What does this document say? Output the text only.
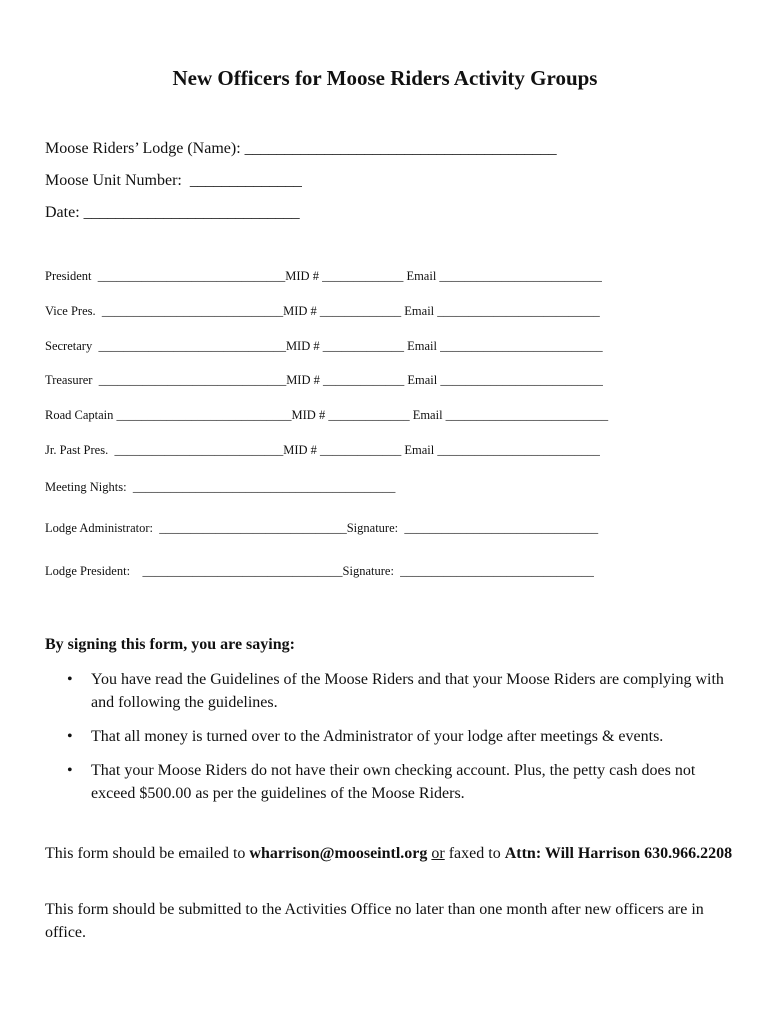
New Officers for Moose Riders Activity Groups
Moose Riders’ Lodge (Name): _______________________________________
Moose Unit Number:  ______________
Date: ___________________________
President  ______________________________MID # _____________ Email __________________________
Vice Pres.  _____________________________MID # _____________ Email __________________________
Secretary  ______________________________MID # _____________ Email __________________________
Treasurer  ______________________________MID # _____________ Email __________________________
Road Captain ____________________________MID # _____________ Email __________________________
Jr. Past Pres.  ___________________________MID # _____________ Email __________________________
Meeting Nights:  __________________________________________
Lodge Administrator:  ______________________________Signature:  _______________________________
Lodge President:    ________________________________Signature:  _______________________________

By signing this form, you are saying:

• You have read the Guidelines of the Moose Riders and that your Moose Riders are complying with and following the guidelines.
• That all money is turned over to the Administrator of your lodge after meetings & events.
• That your Moose Riders do not have their own checking account. Plus, the petty cash does not exceed $500.00 as per the guidelines of the Moose Riders.

This form should be emailed to wharrison@mooseintl.org or faxed to Attn: Will Harrison 630.966.2208

This form should be submitted to the Activities Office no later than one month after new officers are in office.
